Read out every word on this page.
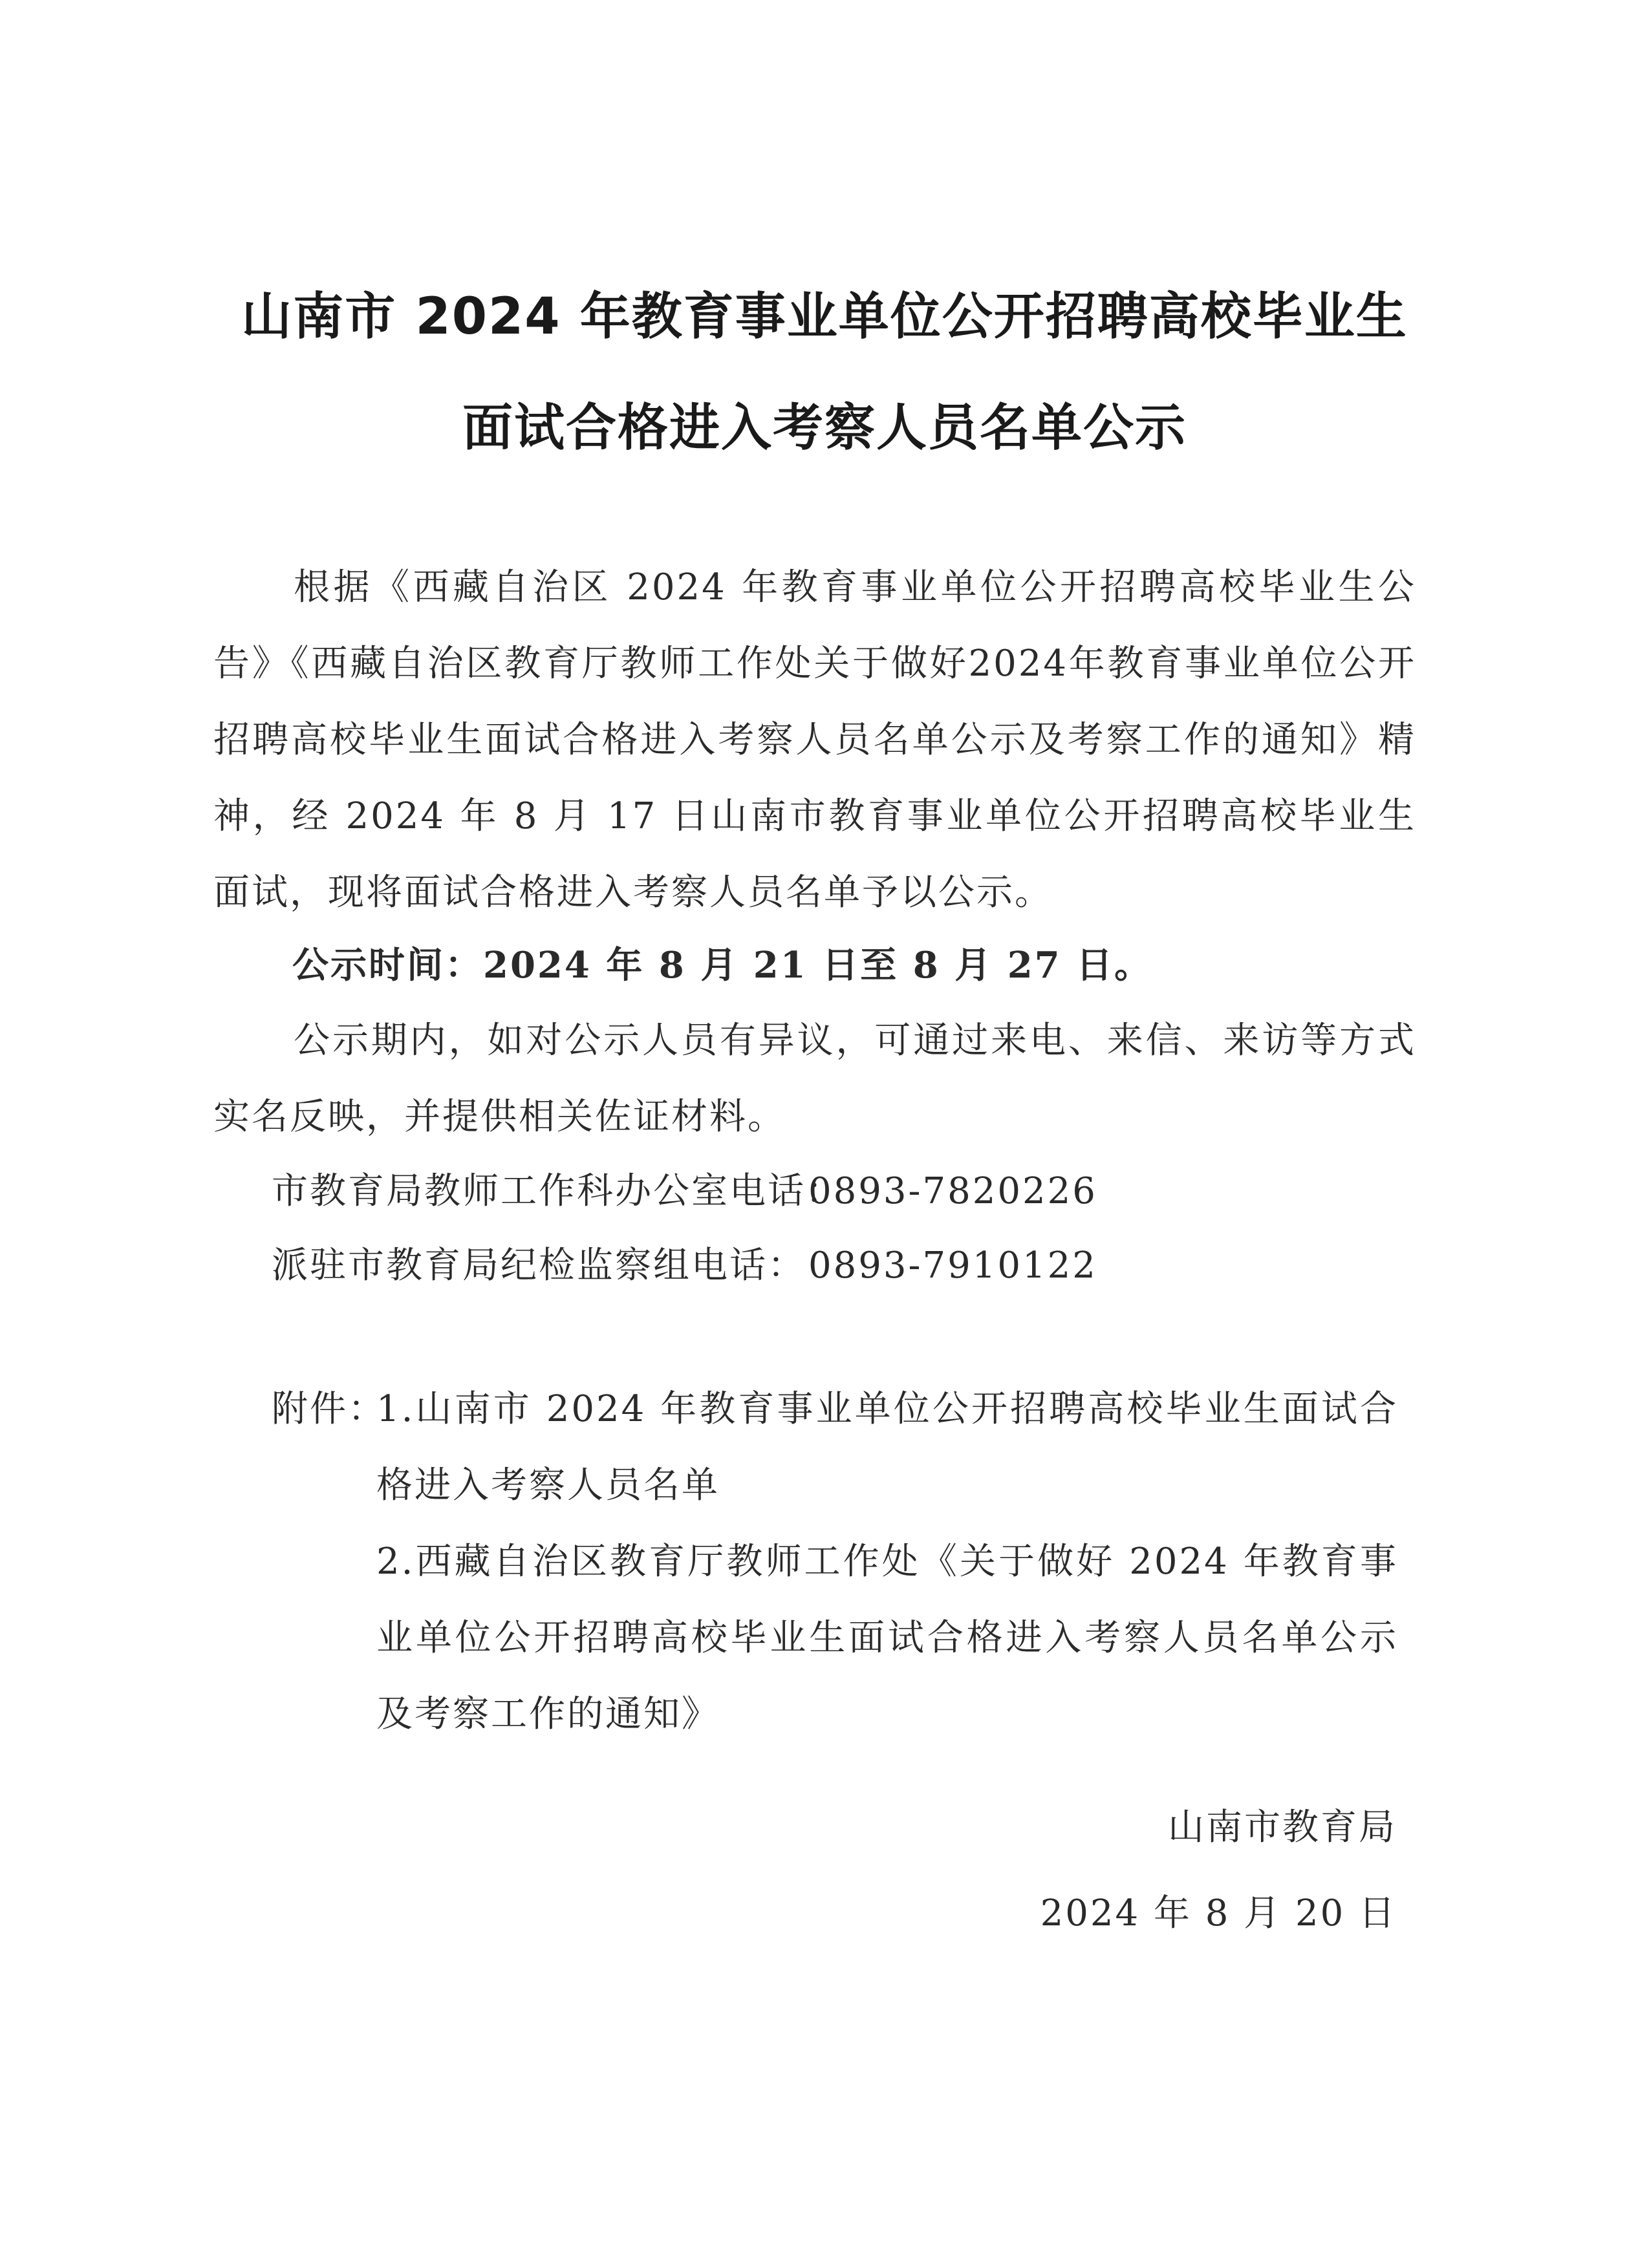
山南市 2024 年教育事业单位公开招聘高校毕业生
面试合格进入考察人员名单公示
根据《西藏自治区 2024 年教育事业单位公开招聘高校毕业生公告》《西藏自治区教育厅教师工作处关于做好2024年教育事业单位公开招聘高校毕业生面试合格进入考察人员名单公示及考察工作的通知》精神，经 2024 年 8 月 17 日山南市教育事业单位公开招聘高校毕业生面试，现将面试合格进入考察人员名单予以公示。
公示时间：2024 年 8 月 21 日至 8 月 27 日。
公示期内，如对公示人员有异议，可通过来电、来信、来访等方式实名反映，并提供相关佐证材料。
市教育局教师工作科办公室电话：0893-7820226
派驻市教育局纪检监察组电话：0893-7910122
附件：
1.山南市 2024 年教育事业单位公开招聘高校毕业生面试合格进入考察人员名单
2.西藏自治区教育厅教师工作处《关于做好 2024 年教育事业单位公开招聘高校毕业生面试合格进入考察人员名单公示及考察工作的通知》
山南市教育局
2024 年 8 月 20 日
